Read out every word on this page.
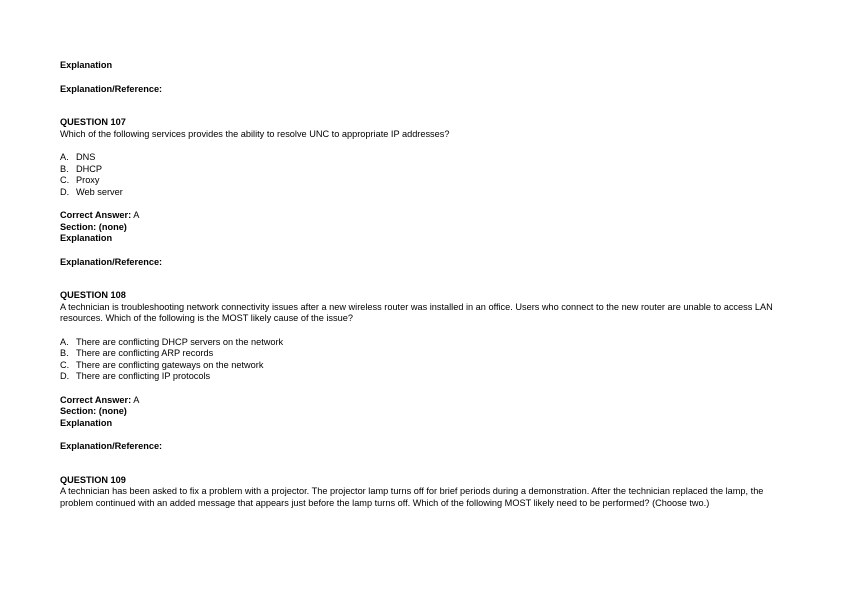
Explanation

Explanation/Reference:

QUESTION 107

Which of the following services provides the ability to resolve UNC to appropriate IP addresses?

A. DNS

B. DHCP

C. Proxy

D. Web server

Correct Answer: A

Section: (none)

Explanation

Explanation/Reference:

QUESTION 108

A technician is troubleshooting network connectivity issues after a new wireless router was installed in an office. Users who connect to the new router are unable to access LAN resources. Which of the following is the MOST likely cause of the issue?

A. There are conflicting DHCP servers on the network

B. There are conflicting ARP records

C. There are conflicting gateways on the network

D. There are conflicting IP protocols

Correct Answer: A

Section: (none)

Explanation

Explanation/Reference:

QUESTION 109

A technician has been asked to fix a problem with a projector. The projector lamp turns off for brief periods during a demonstration. After the technician replaced the lamp, the problem continued with an added message that appears just before the lamp turns off. Which of the following MOST likely need to be performed? (Choose two.)
